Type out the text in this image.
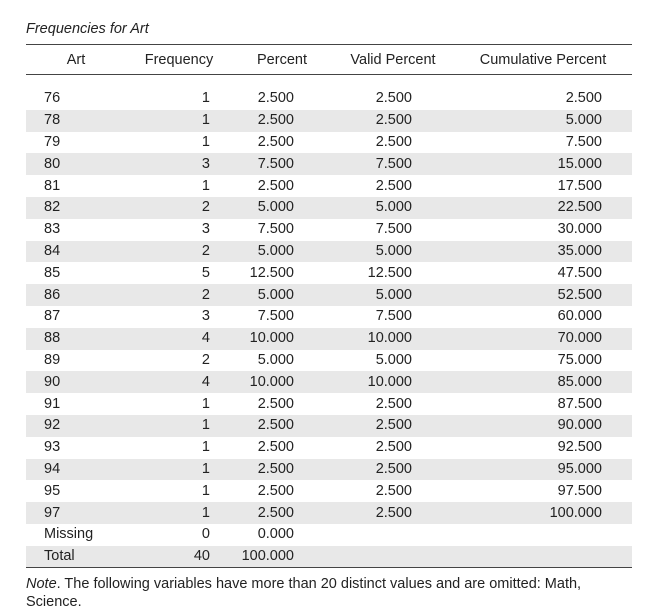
Frequencies for Art
Art	Frequency	Percent	Valid Percent	Cumulative Percent

76	1	2.500	2.500	2.500
78	1	2.500	2.500	5.000
79	1	2.500	2.500	7.500
80	3	7.500	7.500	15.000
81	1	2.500	2.500	17.500
82	2	5.000	5.000	22.500
83	3	7.500	7.500	30.000
84	2	5.000	5.000	35.000
85	5	12.500	12.500	47.500
86	2	5.000	5.000	52.500
87	3	7.500	7.500	60.000
88	4	10.000	10.000	70.000
89	2	5.000	5.000	75.000
90	4	10.000	10.000	85.000
91	1	2.500	2.500	87.500
92	1	2.500	2.500	90.000
93	1	2.500	2.500	92.500
94	1	2.500	2.500	95.000
95	1	2.500	2.500	97.500
97	1	2.500	2.500	100.000
Missing	0	0.000		
Total	40	100.000		
Note. The following variables have more than 20 distinct values and are omitted: Math, Science.
